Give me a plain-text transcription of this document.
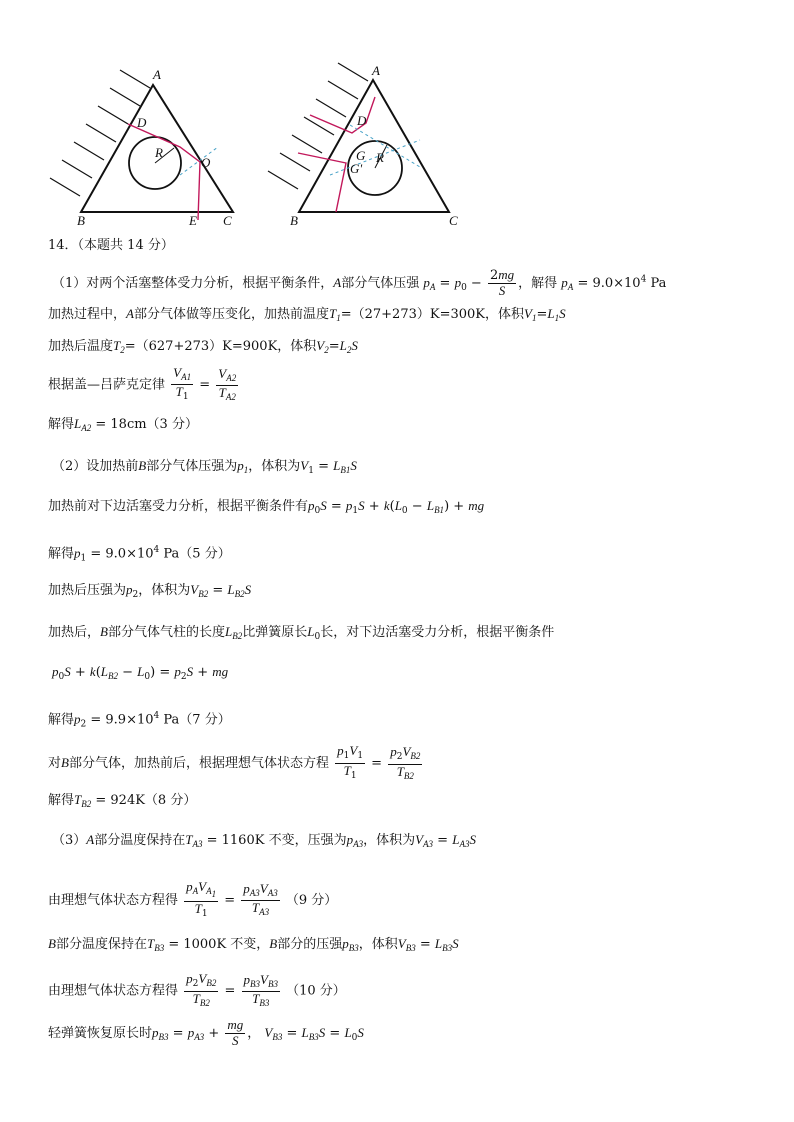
A
B	C
D
E
O
R
A
B	C
D
G
G'
R
14．（本题共 14 分）
（1）对两个活塞整体受力分析，根据平衡条件，A部分气体压强 $p_A = p_0 - \frac{2mg}{S}$ ，解得 $p_A = 9.0\times 10^4$ Pa
加热过程中，A部分气体做等压变化，加热前温度$T_1=(27+273)K=300K$，体积$V_1=L_1S$
加热后温度$T_2=(627+273)K=900K$，体积$V_2=L_2S$
根据盖—吕萨克定律 $\frac{V_{A1}}{T_1} = \frac{V_{A2}}{T_{A2}}$
解得$L_{A2} = 18cm(3$ 分）
（2）设加热前B部分气体压强为$p_1$，体积为$V_1 = L_{B1}S$
加热前对下边活塞受力分析，根据平衡条件有$p_0S = p_1S + k(L_0 - L_{B1})$ + mg
解得$p_1 = 9.0\times 10^4$ Pa（5 分）
加热后压强为$p_2$，体积为$V_{B2} = L_{B2}S$
加热后，B部分气体气柱的长度$L_{B2}$比弹簧原长$L_0$长，对下边活塞受力分析，根据平衡条件
$p_0S + k(L_{B2} - L_0) = p_2S$ + mg
解得$p_2 = 9.9\times 10^4$ Pa（7 分）
对B部分气体，加热前后，根据理想气体状态方程 $\frac{p_1V_1}{T_1} = \frac{p_2V_{B2}}{T_{B2}}$
解得$T_{B2} = 924K(8$ 分）
（3）A部分温度保持在$T_{A3} = 1160K$ 不变，压强为$p_{A3}$，体积为$V_{A3} = L_{A3}S$
由理想气体状态方程得 $\frac{p_AV_{A_1}}{T_1} = \frac{p_{A3}V_{A3}}{T_{A3}} (9$ 分）
B部分温度保持在$T_{B3} = 1000K$ 不变，B部分的压强$p_{B3}$，体积$V_{B3} = L_{B3}S$
由理想气体状态方程得 $\frac{p_2V_{B2}}{T_{B2}} = \frac{p_{B3}V_{B3}}{T_{B3}} (10$ 分）
轻弹簧恢复原长时$p_{B3} = p_{A3} + \frac{mg}{S}$ ， $V_{B3} = L_{B3}S = L_0S$
